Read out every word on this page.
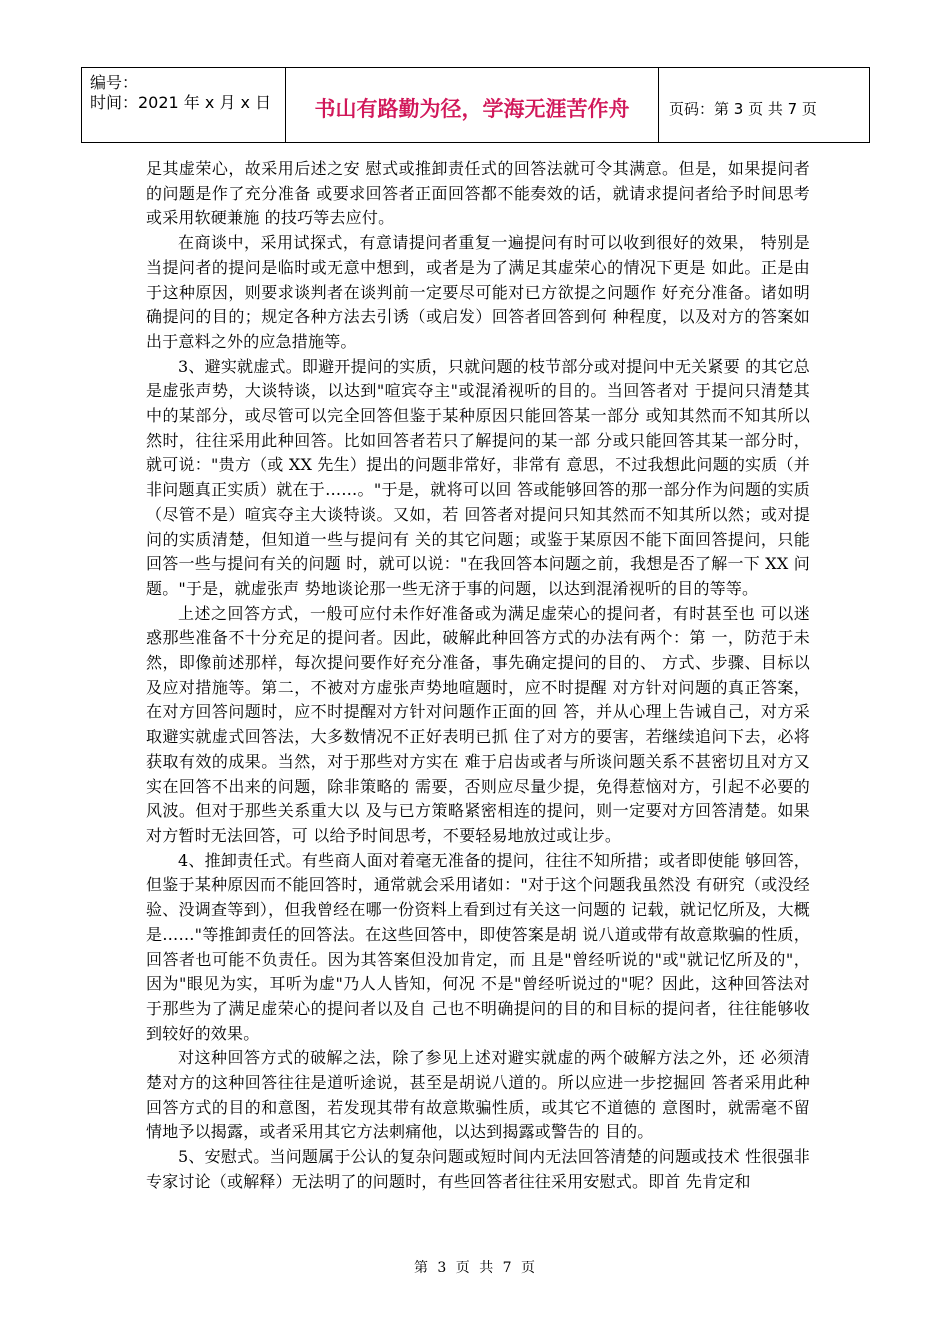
编号：
时间：2021 年 x 月 x 日	书山有路勤为径，学海无涯苦作舟	页码：第 3 页 共 7 页

足其虚荣心，故采用后述之安 慰式或推卸责任式的回答法就可令其满意。但是，如果提问者的问题是作了充分准备 或要求回答者正面回答都不能奏效的话，就请求提问者给予时间思考或采用软硬兼施 的技巧等去应付。

在商谈中，采用试探式，有意请提问者重复一遍提问有时可以收到很好的效果， 特别是当提问者的提问是临时或无意中想到，或者是为了满足其虚荣心的情况下更是 如此。正是由于这种原因，则要求谈判者在谈判前一定要尽可能对已方欲提之问题作 好充分准备。诸如明确提问的目的；规定各种方法去引诱（或启发）回答者回答到何 种程度，以及对方的答案如出于意料之外的应急措施等。

3、避实就虚式。即避开提问的实质，只就问题的枝节部分或对提问中无关紧要 的其它总是虚张声势，大谈特谈，以达到"喧宾夺主"或混淆视听的目的。当回答者对 于提问只清楚其中的某部分，或尽管可以完全回答但鉴于某种原因只能回答某一部分 或知其然而不知其所以然时，往往采用此种回答。比如回答者若只了解提问的某一部 分或只能回答其某一部分时，就可说："贵方（或 XX 先生）提出的问题非常好，非常有 意思，不过我想此问题的实质（并非问题真正实质）就在于……。"于是，就将可以回 答或能够回答的那一部分作为问题的实质（尽管不是）喧宾夺主大谈特谈。又如，若 回答者对提问只知其然而不知其所以然；或对提问的实质清楚，但知道一些与提问有 关的其它问题；或鉴于某原因不能下面回答提问，只能回答一些与提问有关的问题 时，就可以说："在我回答本问题之前，我想是否了解一下 XX 问题。"于是，就虚张声 势地谈论那一些无济于事的问题，以达到混淆视听的目的等等。

上述之回答方式，一般可应付未作好准备或为满足虚荣心的提问者，有时甚至也 可以迷惑那些准备不十分充足的提问者。因此，破解此种回答方式的办法有两个：第 一，防范于未然，即像前述那样，每次提问要作好充分准备，事先确定提问的目的、 方式、步骤、目标以及应对措施等。第二，不被对方虚张声势地喧题时，应不时提醒 对方针对问题的真正答案，在对方回答问题时，应不时提醒对方针对问题作正面的回 答，并从心理上告诫自己，对方采取避实就虚式回答法，大多数情况不正好表明已抓 住了对方的要害，若继续追问下去，必将获取有效的成果。当然，对于那些对方实在 难于启齿或者与所谈问题关系不甚密切且对方又实在回答不出来的问题，除非策略的 需要，否则应尽量少提，免得惹恼对方，引起不必要的风波。但对于那些关系重大以 及与已方策略紧密相连的提问，则一定要对方回答清楚。如果对方暂时无法回答，可 以给予时间思考，不要轻易地放过或让步。

4、推卸责任式。有些商人面对着毫无准备的提问，往往不知所措；或者即使能 够回答，但鉴于某种原因而不能回答时，通常就会采用诸如："对于这个问题我虽然没 有研究（或没经验、没调查等到），但我曾经在哪一份资料上看到过有关这一问题的 记载，就记忆所及，大概是……"等推卸责任的回答法。在这些回答中，即使答案是胡 说八道或带有故意欺骗的性质，回答者也可能不负责任。因为其答案但没加肯定，而 且是"曾经听说的"或"就记忆所及的"，因为"眼见为实，耳听为虚"乃人人皆知，何况 不是"曾经听说过的"呢？因此，这种回答法对于那些为了满足虚荣心的提问者以及自 己也不明确提问的目的和目标的提问者，往往能够收到较好的效果。

对这种回答方式的破解之法，除了参见上述对避实就虚的两个破解方法之外，还 必须清楚对方的这种回答往往是道听途说，甚至是胡说八道的。所以应进一步挖掘回 答者采用此种回答方式的目的和意图，若发现其带有故意欺骗性质，或其它不道德的 意图时，就需毫不留情地予以揭露，或者采用其它方法刺痛他，以达到揭露或警告的 目的。

5、安慰式。当问题属于公认的复杂问题或短时间内无法回答清楚的问题或技术 性很强非专家讨论（或解释）无法明了的问题时，有些回答者往往采用安慰式。即首 先肯定和

第 3 页 共 7 页
